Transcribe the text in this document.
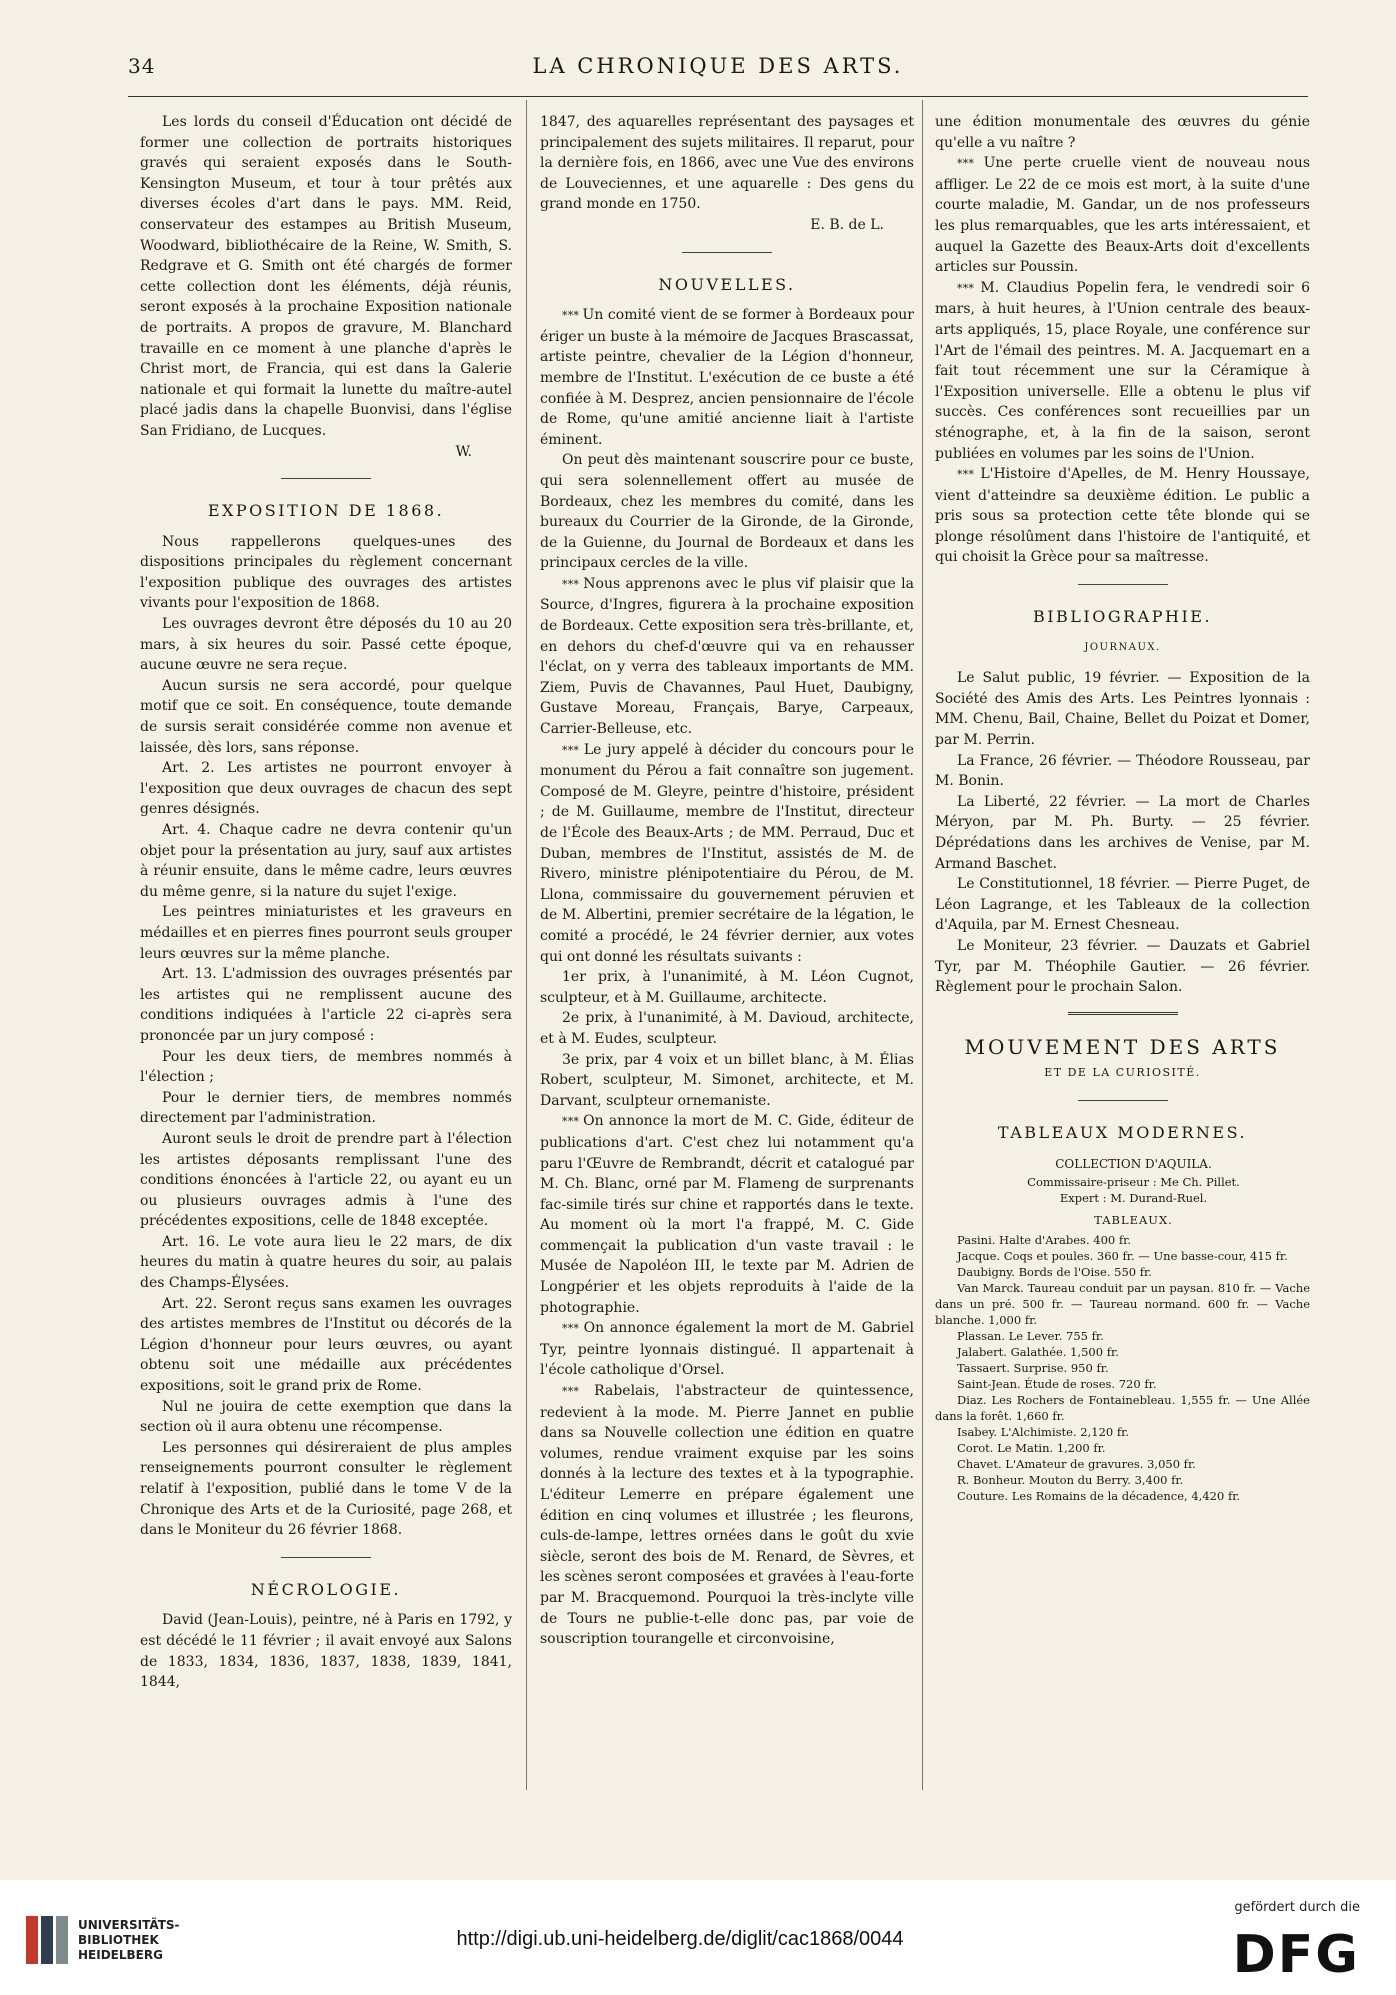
34	LA CHRONIQUE DES ARTS.

Les lords du conseil d'Éducation ont décidé de former une collection de portraits historiques gravés qui seraient exposés dans le South-Kensington Museum, et tour à tour prêtés aux diverses écoles d'art dans le pays. MM. Reid, conservateur des estampes au British Museum, Woodward, bibliothécaire de la Reine, W. Smith, S. Redgrave et G. Smith ont été chargés de former cette collection dont les éléments, déjà réunis, seront exposés à la prochaine Exposition nationale de portraits. A propos de gravure, M. Blanchard travaille en ce moment à une planche d'après le Christ mort, de Francia, qui est dans la Galerie nationale et qui formait la lunette du maître-autel placé jadis dans la chapelle Buonvisi, dans l'église San Fridiano, de Lucques.

W.

EXPOSITION DE 1868.

Nous rappellerons quelques-unes des dispositions principales du règlement concernant l'exposition publique des ouvrages des artistes vivants pour l'exposition de 1868.

Les ouvrages devront être déposés du 10 au 20 mars, à six heures du soir. Passé cette époque, aucune œuvre ne sera reçue.

Aucun sursis ne sera accordé, pour quelque motif que ce soit. En conséquence, toute demande de sursis serait considérée comme non avenue et laissée, dès lors, sans réponse.

Art. 2. Les artistes ne pourront envoyer à l'exposition que deux ouvrages de chacun des sept genres désignés.

Art. 4. Chaque cadre ne devra contenir qu'un objet pour la présentation au jury, sauf aux artistes à réunir ensuite, dans le même cadre, leurs œuvres du même genre, si la nature du sujet l'exige.

Les peintres miniaturistes et les graveurs en médailles et en pierres fines pourront seuls grouper leurs œuvres sur la même planche.

Art. 13. L'admission des ouvrages présentés par les artistes qui ne remplissent aucune des conditions indiquées à l'article 22 ci-après sera prononcée par un jury composé :

Pour les deux tiers, de membres nommés à l'élection ;

Pour le dernier tiers, de membres nommés directement par l'administration.

Auront seuls le droit de prendre part à l'élection les artistes déposants remplissant l'une des conditions énoncées à l'article 22, ou ayant eu un ou plusieurs ouvrages admis à l'une des précédentes expositions, celle de 1848 exceptée.

Art. 16. Le vote aura lieu le 22 mars, de dix heures du matin à quatre heures du soir, au palais des Champs-Élysées.

Art. 22. Seront reçus sans examen les ouvrages des artistes membres de l'Institut ou décorés de la Légion d'honneur pour leurs œuvres, ou ayant obtenu soit une médaille aux précédentes expositions, soit le grand prix de Rome.

Nul ne jouira de cette exemption que dans la section où il aura obtenu une récompense.

Les personnes qui désireraient de plus amples renseignements pourront consulter le règlement relatif à l'exposition, publié dans le tome V de la Chronique des Arts et de la Curiosité, page 268, et dans le Moniteur du 26 février 1868.

NÉCROLOGIE.

David (Jean-Louis), peintre, né à Paris en 1792, y est décédé le 11 février ; il avait envoyé aux Salons de 1833, 1834, 1836, 1837, 1838, 1839, 1841, 1844,

1847, des aquarelles représentant des paysages et principalement des sujets militaires. Il reparut, pour la dernière fois, en 1866, avec une Vue des environs de Louveciennes, et une aquarelle : Des gens du grand monde en 1750.

E. B. de L.

NOUVELLES.

* * * Un comité vient de se former à Bordeaux pour ériger un buste à la mémoire de Jacques Brascassat, artiste peintre, chevalier de la Légion d'honneur, membre de l'Institut. L'exécution de ce buste a été confiée à M. Desprez, ancien pensionnaire de l'école de Rome, qu'une amitié ancienne liait à l'artiste éminent.

On peut dès maintenant souscrire pour ce buste, qui sera solennellement offert au musée de Bordeaux, chez les membres du comité, dans les bureaux du Courrier de la Gironde, de la Gironde, de la Guienne, du Journal de Bordeaux et dans les principaux cercles de la ville.

* * * Nous apprenons avec le plus vif plaisir que la Source, d'Ingres, figurera à la prochaine exposition de Bordeaux. Cette exposition sera très-brillante, et, en dehors du chef-d'œuvre qui va en rehausser l'éclat, on y verra des tableaux importants de MM. Ziem, Puvis de Chavannes, Paul Huet, Daubigny, Gustave Moreau, Français, Barye, Carpeaux, Carrier-Belleuse, etc.

* * * Le jury appelé à décider du concours pour le monument du Pérou a fait connaître son jugement. Composé de M. Gleyre, peintre d'histoire, président ; de M. Guillaume, membre de l'Institut, directeur de l'École des Beaux-Arts ; de MM. Perraud, Duc et Duban, membres de l'Institut, assistés de M. de Rivero, ministre plénipotentiaire du Pérou, de M. Llona, commissaire du gouvernement péruvien et de M. Albertini, premier secrétaire de la légation, le comité a procédé, le 24 février dernier, aux votes qui ont donné les résultats suivants :

1er prix, à l'unanimité, à M. Léon Cugnot, sculpteur, et à M. Guillaume, architecte.

2e prix, à l'unanimité, à M. Davioud, architecte, et à M. Eudes, sculpteur.

3e prix, par 4 voix et un billet blanc, à M. Élias Robert, sculpteur, M. Simonet, architecte, et M. Darvant, sculpteur ornemaniste.

* * * On annonce la mort de M. C. Gide, éditeur de publications d'art. C'est chez lui notamment qu'a paru l'Œuvre de Rembrandt, décrit et catalogué par M. Ch. Blanc, orné par M. Flameng de surprenants fac-simile tirés sur chine et rapportés dans le texte. Au moment où la mort l'a frappé, M. C. Gide commençait la publication d'un vaste travail : le Musée de Napoléon III, le texte par M. Adrien de Longpérier et les objets reproduits à l'aide de la photographie.

* * * On annonce également la mort de M. Gabriel Tyr, peintre lyonnais distingué. Il appartenait à l'école catholique d'Orsel.

* * * Rabelais, l'abstracteur de quintessence, redevient à la mode. M. Pierre Jannet en publie dans sa Nouvelle collection une édition en quatre volumes, rendue vraiment exquise par les soins donnés à la lecture des textes et à la typographie. L'éditeur Lemerre en prépare également une édition en cinq volumes et illustrée ; les fleurons, culs-de-lampe, lettres ornées dans le goût du xvie siècle, seront des bois de M. Renard, de Sèvres, et les scènes seront composées et gravées à l'eau-forte par M. Bracquemond. Pourquoi la très-inclyte ville de Tours ne publie-t-elle donc pas, par voie de souscription tourangelle et circonvoisine,

une édition monumentale des œuvres du génie qu'elle a vu naître ?

* * * Une perte cruelle vient de nouveau nous affliger. Le 22 de ce mois est mort, à la suite d'une courte maladie, M. Gandar, un de nos professeurs les plus remarquables, que les arts intéressaient, et auquel la Gazette des Beaux-Arts doit d'excellents articles sur Poussin.

* * * M. Claudius Popelin fera, le vendredi soir 6 mars, à huit heures, à l'Union centrale des beaux-arts appliqués, 15, place Royale, une conférence sur l'Art de l'émail des peintres. M. A. Jacquemart en a fait tout récemment une sur la Céramique à l'Exposition universelle. Elle a obtenu le plus vif succès. Ces conférences sont recueillies par un sténographe, et, à la fin de la saison, seront publiées en volumes par les soins de l'Union.

* * * L'Histoire d'Apelles, de M. Henry Houssaye, vient d'atteindre sa deuxième édition. Le public a pris sous sa protection cette tête blonde qui se plonge résolûment dans l'histoire de l'antiquité, et qui choisit la Grèce pour sa maîtresse.

BIBLIOGRAPHIE.
JOURNAUX.

Le Salut public, 19 février. — Exposition de la Société des Amis des Arts. Les Peintres lyonnais : MM. Chenu, Bail, Chaine, Bellet du Poizat et Domer, par M. Perrin.

La France, 26 février. — Théodore Rousseau, par M. Bonin.

La Liberté, 22 février. — La mort de Charles Méryon, par M. Ph. Burty. — 25 février. Déprédations dans les archives de Venise, par M. Armand Baschet.

Le Constitutionnel, 18 février. — Pierre Puget, de Léon Lagrange, et les Tableaux de la collection d'Aquila, par M. Ernest Chesneau.

Le Moniteur, 23 février. — Dauzats et Gabriel Tyr, par M. Théophile Gautier. — 26 février. Règlement pour le prochain Salon.

MOUVEMENT DES ARTS
ET DE LA CURIOSITÉ.
TABLEAUX MODERNES.

COLLECTION D'AQUILA.

Commissaire-priseur : Me Ch. Pillet.

Expert : M. Durand-Ruel.

TABLEAUX.

Pasini. Halte d'Arabes. 400 fr.

Jacque. Coqs et poules. 360 fr. — Une basse-cour, 415 fr.

Daubigny. Bords de l'Oise. 550 fr.

Van Marck. Taureau conduit par un paysan. 810 fr. — Vache dans un pré. 500 fr. — Taureau normand. 600 fr. — Vache blanche. 1,000 fr.

Plassan. Le Lever. 755 fr.

Jalabert. Galathée. 1,500 fr.

Tassaert. Surprise. 950 fr.

Saint-Jean. Étude de roses. 720 fr.

Diaz. Les Rochers de Fontainebleau. 1,555 fr. — Une Allée dans la forêt. 1,660 fr.

Isabey. L'Alchimiste. 2,120 fr.

Corot. Le Matin. 1,200 fr.

Chavet. L'Amateur de gravures. 3,050 fr.

R. Bonheur. Mouton du Berry. 3,400 fr.

Couture. Les Romains de la décadence, 4,420 fr.

UNIVERSITÄTS-
BIBLIOTHEK
HEIDELBERG
http://digi.ub.uni-heidelberg.de/diglit/cac1868/0044
gefördert durch die
DFG
